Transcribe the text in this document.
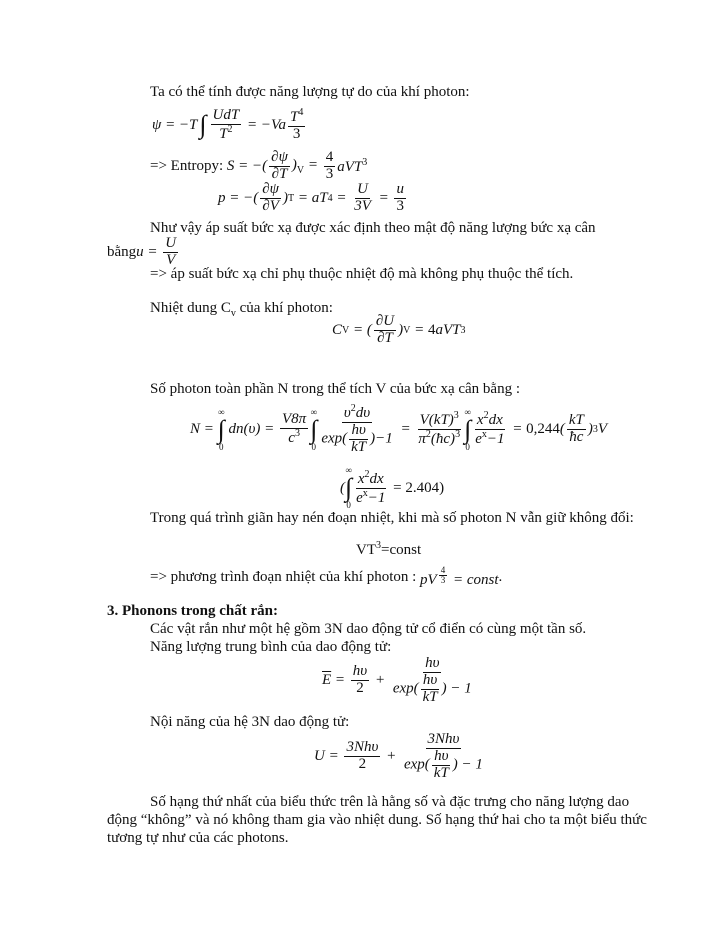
Ta có thể tính được năng lượng tự do của khí photon:
ψ = −T ∫ $\frac{\text{UdT}}{T^2} = -Va \frac{T^4}{3}$
=> Entropy: S = −( $\frac{\partial\psi}{\partial T} )_V = \frac{4}{3} aVT^3$
p = −( $\frac{\partial\psi}{\partial V}$ ) T = aT $4 = \frac{U}{3V} = \frac{u}{3}$
Như vậy áp suất bức xạ được xác định theo mật độ năng lượng bức xạ cân
bằng $u = \frac{U}{V}$
=> áp suất bức xạ chỉ phụ thuộc nhiệt độ mà không phụ thuộc thể tích.
Nhiệt dung $C_v$ của khí photon:
C V = ( $\frac{\partial U}{\partial T}$ ) V = 4 aVT 3
Số photon toàn phần N trong thể tích V của bức xạ cân bằng :
N =
∞
∫
0
$dn(\upsilon) = \frac{V8\pi}{c^3}$
∞
∫
$0 \frac{\upsilon^2d\upsilon}{\exp( \frac{h\upsilon}{kT} )-1} = \frac{V(kT)^3}{\pi^2(ħc)^3}$ ∞
∫
$0 \frac{x^2dx}{e^x-1} = 0,244$ ( $\frac{kT}{ħc}$ ) 3 V
(
∞
∫
$0 \frac{x^2dx}{e^x-1} = 2.404$)
Trong quá trình giãn hay nén đoạn nhiệt, khi mà số photon N vẫn giữ không đổi:
$VT^3=const$
=> phương trình đoạn nhiệt của khí photon : pV $^{\frac{4}{3}}$ = const .
3. Phonons trong chất rắn:
Các vật rắn như một hệ gồm 3N dao động tử cổ điển có cùng một tần số.
Năng lượng trung bình của dao động tử:
$\overline{E} = \frac{h\upsilon}{2} + \frac{h\upsilon}{\exp( \frac{h\upsilon}{kT} ) - 1}$
Nội năng của hệ 3N dao động tử:
$U = \frac{\text{3Nhυ}}{2} + \frac{\text{3Nhυ}}{\exp( \frac{h\upsilon}{kT} ) - 1}$
Số hạng thứ nhất của biểu thức trên là hằng số và đặc trưng cho năng lượng dao
động “không” và nó không tham gia vào nhiệt dung. Số hạng thứ hai cho ta một biểu thức
tương tự như của các photons.
